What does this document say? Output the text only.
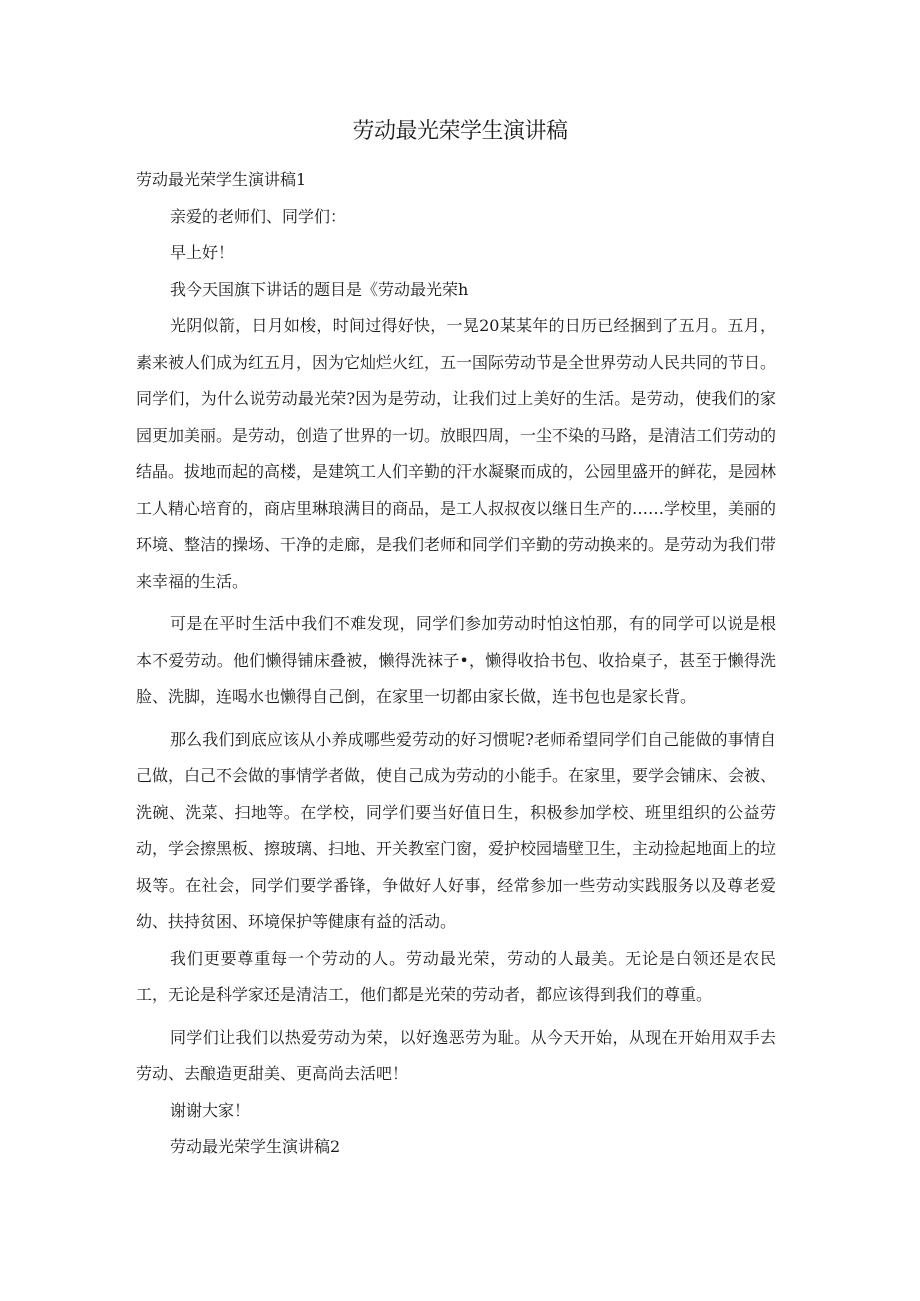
劳动最光荣学生演讲稿

劳动最光荣学生演讲稿1

亲爱的老师们、同学们：

早上好！

我今天国旗下讲话的题目是《劳动最光荣h

光阴似箭，日月如梭，时间过得好快，一晃20某某年的日历已经捆到了五月。五月，素来被人们成为红五月，因为它灿烂火红，五一国际劳动节是全世界劳动人民共同的节日。同学们，为什么说劳动最光荣?因为是劳动，让我们过上美好的生活。是劳动，使我们的家园更加美丽。是劳动，创造了世界的一切。放眼四周，一尘不染的马路，是清洁工们劳动的结晶。拔地而起的高楼，是建筑工人们辛勤的汗水凝聚而成的，公园里盛开的鲜花，是园林工人精心培育的，商店里琳琅满目的商品，是工人叔叔夜以继日生产的……学校里，美丽的环境、整洁的操场、干净的走廊，是我们老师和同学们辛勤的劳动换来的。是劳动为我们带来幸福的生活。

可是在平时生活中我们不难发现，同学们参加劳动时怕这怕那，有的同学可以说是根本不爱劳动。他们懒得铺床叠被，懒得洗袜子•，懒得收拾书包、收拾桌子，甚至于懒得洗脸、洗脚，连喝水也懒得自己倒，在家里一切都由家长做，连书包也是家长背。

那么我们到底应该从小养成哪些爱劳动的好习惯呢?老师希望同学们自己能做的事情自己做，白己不会做的事情学者做，使自己成为劳动的小能手。在家里，要学会铺床、会被、洗碗、洗菜、扫地等。在学校，同学们要当好值日生，积极参加学校、班里组织的公益劳动，学会擦黑板、擦玻璃、扫地、开关教室门窗，爱护校园墙壁卫生，主动捡起地面上的垃圾等。在社会，同学们要学番锋，争做好人好事，经常参加一些劳动实践服务以及尊老爱幼、扶持贫困、环境保护等健康有益的活动。

我们更要尊重每一个劳动的人。劳动最光荣，劳动的人最美。无论是白领还是农民工，无论是科学家还是清洁工，他们都是光荣的劳动者，都应该得到我们的尊重。

同学们让我们以热爱劳动为荣，以好逸恶劳为耻。从今天开始，从现在开始用双手去劳动、去酿造更甜美、更高尚去活吧！

谢谢大家！

劳动最光荣学生演讲稿2
